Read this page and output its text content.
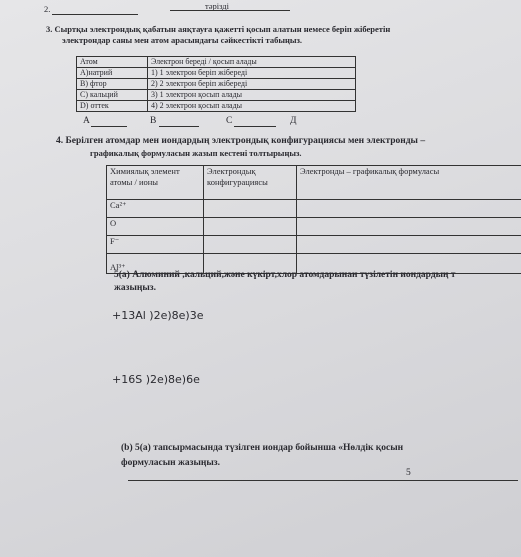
2.	тәрізді
3. Сыртқы электрондық қабатын аяқтауға қажетті қосып алатын немесе беріп жіберетін
электрондар саны мен атом арасындағы сәйкестікті табыңыз.
Атом	Электрон береді / қосып алады
A)натрий	1) 1 электрон беріп жібереді
B) фтор	2) 2 электрон беріп жібереді
C) кальций	3) 1 электрон қосып алады
D) оттек	4) 2 электрон қосып алады
A	B	C	Д
4. Берілген атомдар мен иондардың электрондық конфигурациясы мен электронды –
графикалық формуласын жазып кестені толтырыңыз.
Химиялық элемент атомы / ионы	Электрондық конфигурациясы	Электронды – графикалық формуласы
Ca²⁺		
O		
F⁻		
Al³⁺		
5(а) Алюминий ,кальций,және күкірт,хлор атомдарынан түзілетін иондардың т
жазыңыз.
+13Al )2e)8e)3e
+16S )2e)8e)6e
(b) 5(а) тапсырмасында түзілген иондар бойынша «Нөлдік қосын
формуласын жазыңыз.
5
